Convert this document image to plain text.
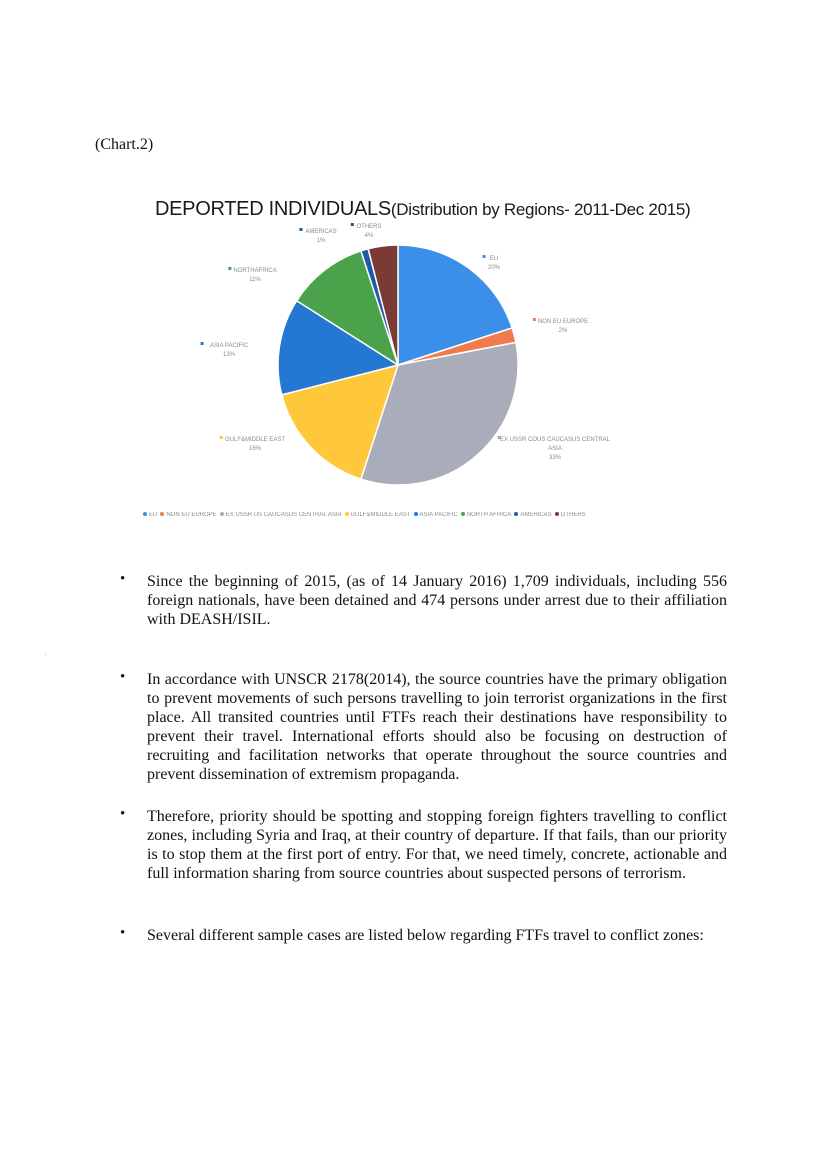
(Chart.2)
DEPORTED INDIVIDUALS(Distribution by Regions- 2011-Dec 2015)
EU
20%
NON EU EUROPE
2%
EX USSR COUS CAUCASUS CENTRAL
ASIA
33%
GULF&MIDDLE EAST
16%
ASIA PACIFIC
13%
NORTHAFRICA
11%
AMERICAS
1%
OTHERS
4%
EU NON EU EUROPE EX USSR US CAUCASUS CENTRAL ASIA GULF&MIDDLE EAST ASIA PACIFIC NORTH AFRICA AMERICAS OTHERS
• Since the beginning of 2015, (as of 14 January 2016) 1,709 individuals, including 556 foreign nationals, have been detained and 474 persons under arrest due to their affiliation with DEASH/ISIL.
• In accordance with UNSCR 2178(2014), the source countries have the primary obligation to prevent movements of such persons travelling to join terrorist organizations in the first place. All transited countries until FTFs reach their destinations have responsibility to prevent their travel. International efforts should also be focusing on destruction of recruiting and facilitation networks that operate throughout the source countries and prevent dissemination of extremism propaganda.
• Therefore, priority should be spotting and stopping foreign fighters travelling to conflict zones, including Syria and Iraq, at their country of departure. If that fails, than our priority is to stop them at the first port of entry. For that, we need timely, concrete, actionable and full information sharing from source countries about suspected persons of terrorism.
• Several different sample cases are listed below regarding FTFs travel to conflict zones:
